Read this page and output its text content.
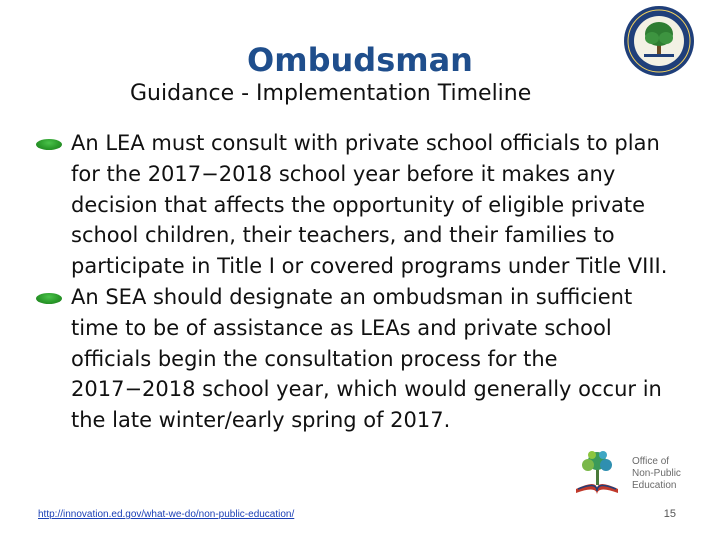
Ombudsman
Guidance - Implementation Timeline
An LEA must consult with private school officials to plan for the 2017−2018 school year before it makes any decision that affects the opportunity of eligible private school children, their teachers, and their families to participate in Title I or covered programs under Title VIII.
An SEA should designate an ombudsman in sufficient time to be of assistance as LEAs and private school officials begin the consultation process for the 2017−2018 school year, which would generally occur in the late winter/early spring of 2017.
Office of
Non-Public
Education
http://innovation.ed.gov/what-we-do/non-public-education/	15
